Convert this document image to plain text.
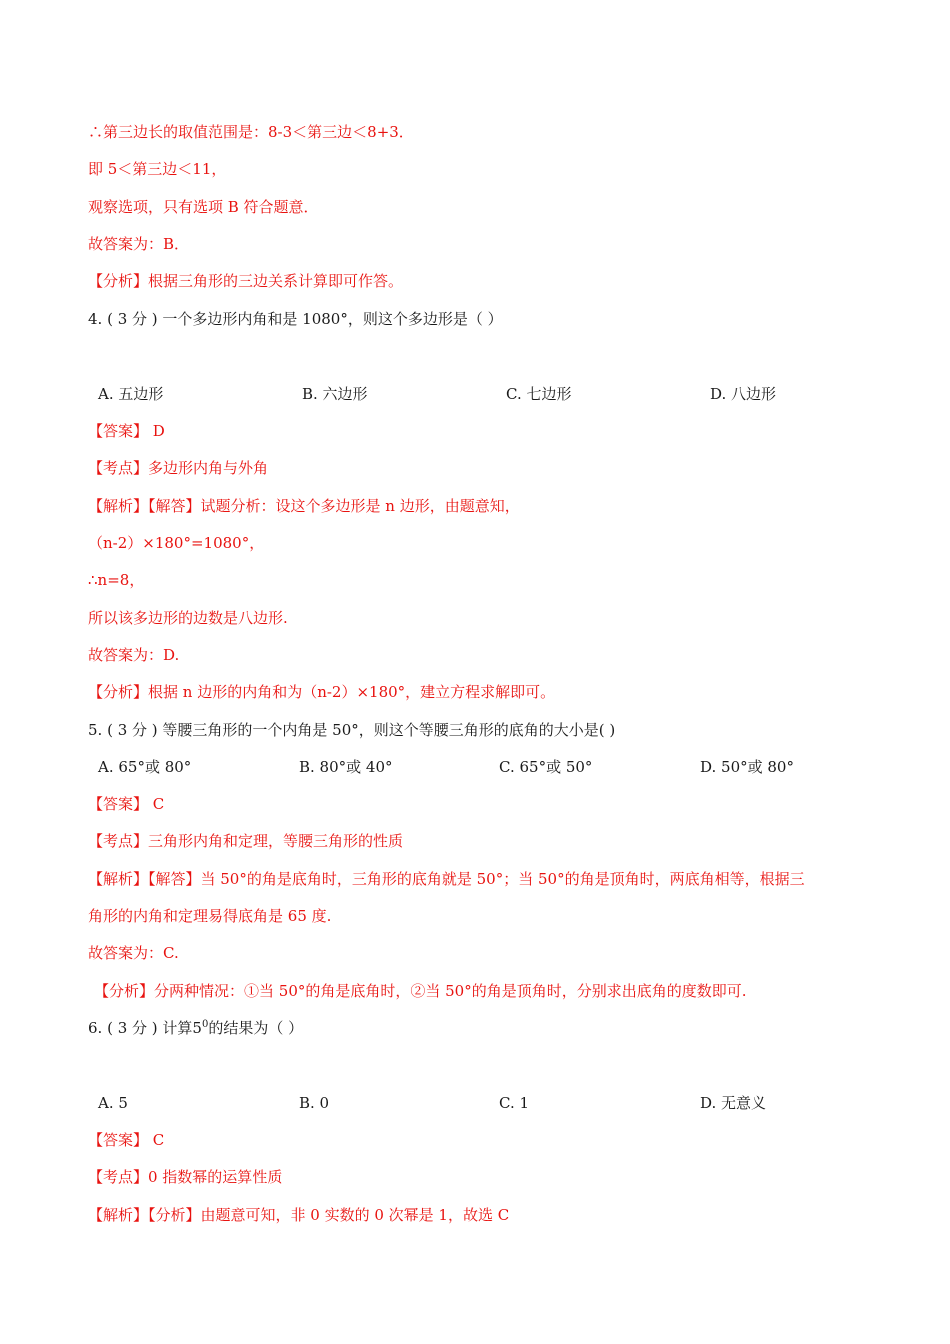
∴第三边长的取值范围是：8-3＜第三边＜8+3．
即 5＜第三边＜11，
观察选项，只有选项 B 符合题意．
故答案为：B．
【分析】根据三角形的三边关系计算即可作答。
4. ( 3 分 ) 一个多边形内角和是 1080°，则这个多边形是（ ）
A. 五边形	B. 六边形	C. 七边形	D. 八边形
【答案】 D
【考点】多边形内角与外角
【解析】【解答】试题分析：设这个多边形是 n 边形，由题意知，
（n-2）×180°=1080°，
∴n=8，
所以该多边形的边数是八边形.
故答案为：D.
【分析】根据 n 边形的内角和为（n-2）×180°，建立方程求解即可。
5. ( 3 分 ) 等腰三角形的一个内角是 50°，则这个等腰三角形的底角的大小是( )
A. 65°或 80°	B. 80°或 40°	C. 65°或 50°	D. 50°或 80°
【答案】 C
【考点】三角形内角和定理，等腰三角形的性质
【解析】【解答】当 50°的角是底角时，三角形的底角就是 50°；当 50°的角是顶角时，两底角相等，根据三
角形的内角和定理易得底角是 65 度.
故答案为：C.
【分析】分两种情况：①当 50°的角是底角时，②当 50°的角是顶角时，分别求出底角的度数即可.
6. ( 3 分 ) 计算$5^0$的结果为（ ）
A. 5	B. 0	C. 1	D. 无意义
【答案】 C
【考点】0 指数幂的运算性质
【解析】【分析】由题意可知，非 0 实数的 0 次幂是 1，故选 C
